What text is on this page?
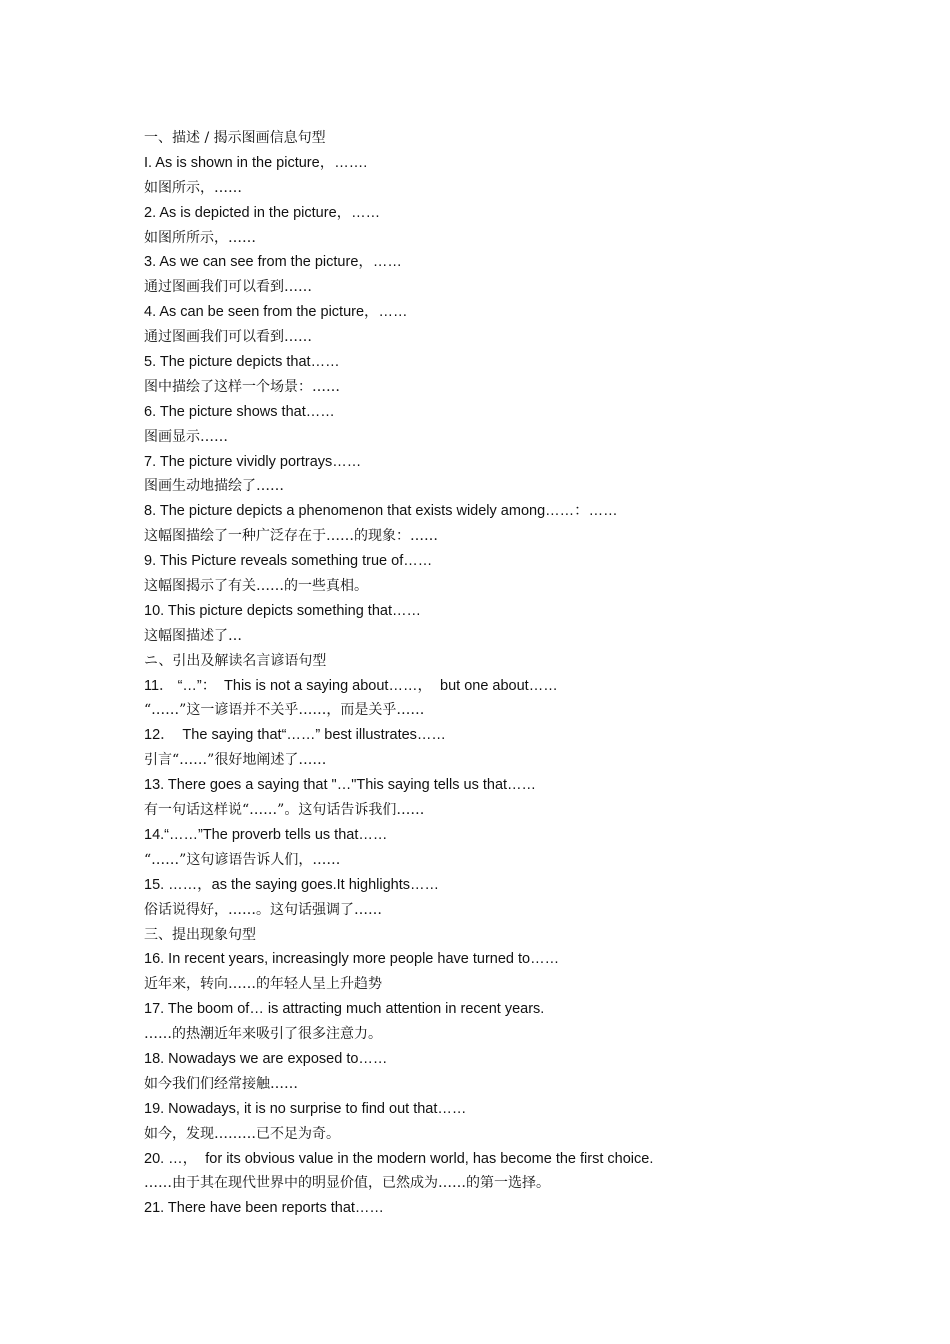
一、描述 / 揭示图画信息句型
I. As is shown in the picture，…….
如图所示，……
2. As is depicted in the picture，……
如图所所示，……
3. As we can see from the picture，……
通过图画我们可以看到……
4. As can be seen from the picture，……
通过图画我们可以看到……
5. The picture depicts that……
图中描绘了这样一个场景：……
6. The picture shows that……
图画显示……
7. The picture vividly portrays……
图画生动地描绘了……
8. The picture depicts a phenomenon that exists widely among……：……
这幅图描绘了一种广泛存在于……的现象：……
9. This Picture reveals something true of……
这幅图揭示了有关……的一些真相。
10. This picture depicts something that……
这幅图描述了…
ニ、引出及解读名言谚语句型
11． “…”：  This is not a saying about……，  but one about……
“……”这一谚语并不关乎……，而是关乎……
12．  The saying that“……” best illustrates……
引言“……”很好地阐述了……
13. There goes a saying that "…"This saying tells us that……
有一句话这样说“……”。这句话告诉我们……
14.“……”The proverb tells us that……
“……”这句谚语告诉人们，……
15. ……，as the saying goes.It highlights……
俗话说得好，……。这句话强调了……
三、提出现象句型
16. In recent years, increasingly more people have turned to……
近年来，转向……的年轻人呈上升趋势
17. The boom of… is attracting much attention in recent years.
……的热潮近年来吸引了很多注意力。
18. Nowadays we are exposed to……
如今我们们经常接触……
19. Nowadays, it is no surprise to find out that……
如今，发现………已不足为奇。
20. …，  for its obvious value in the modern world, has become the first choice.
……由于其在现代世界中的明显价值，已然成为……的第一选择。
21. There have been reports that……
